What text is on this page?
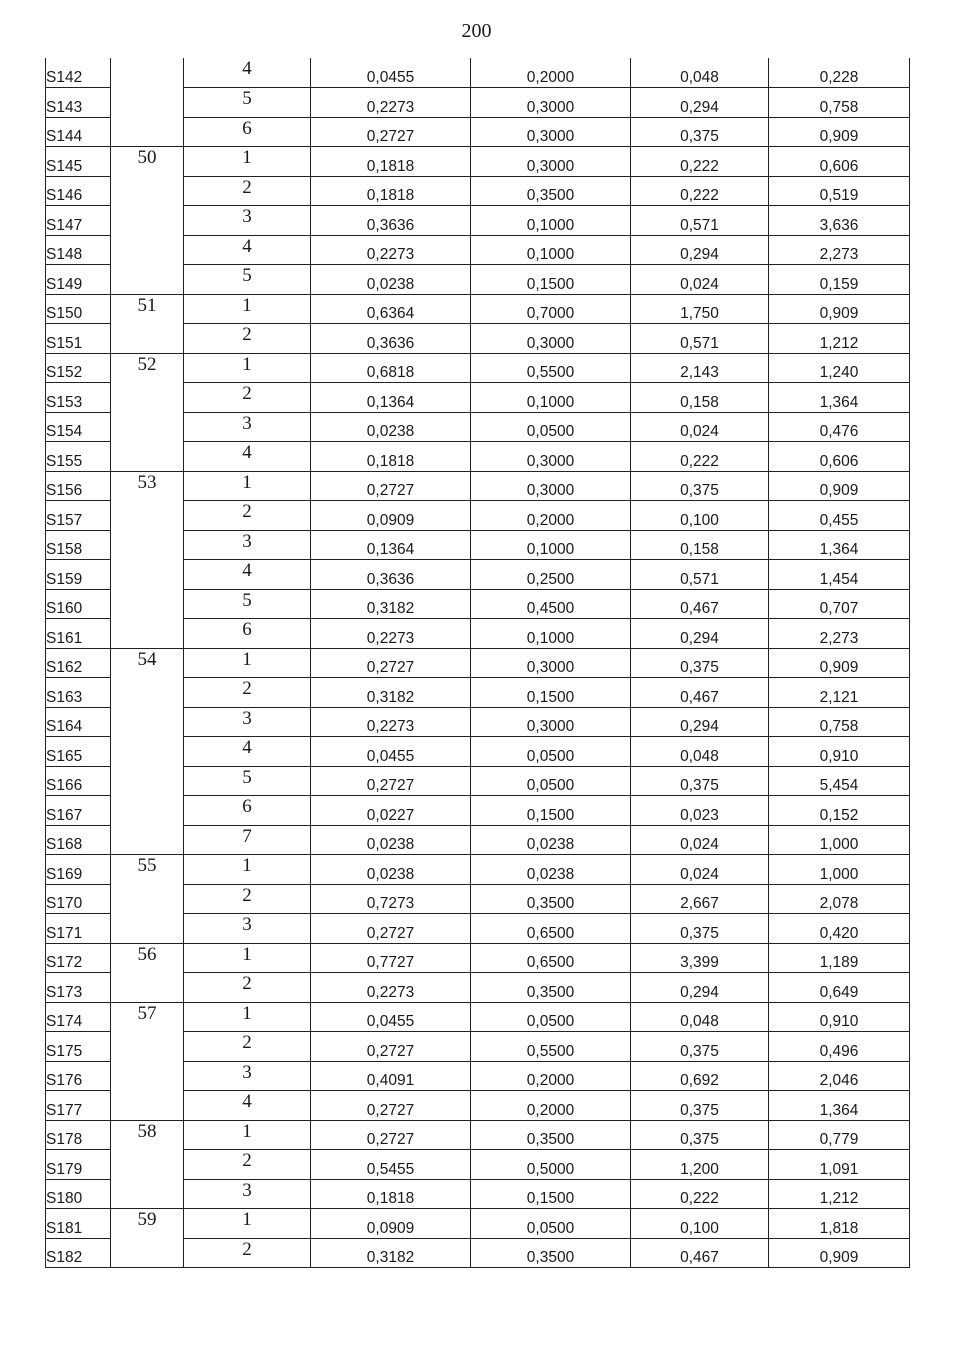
200
S142		4	0,0455	0,2000	0,048	0,228
S143		5	0,2273	0,3000	0,294	0,758
S144		6	0,2727	0,3000	0,375	0,909
S145	50	1	0,1818	0,3000	0,222	0,606
S146		2	0,1818	0,3500	0,222	0,519
S147		3	0,3636	0,1000	0,571	3,636
S148		4	0,2273	0,1000	0,294	2,273
S149		5	0,0238	0,1500	0,024	0,159
S150	51	1	0,6364	0,7000	1,750	0,909
S151		2	0,3636	0,3000	0,571	1,212
S152	52	1	0,6818	0,5500	2,143	1,240
S153		2	0,1364	0,1000	0,158	1,364
S154		3	0,0238	0,0500	0,024	0,476
S155		4	0,1818	0,3000	0,222	0,606
S156	53	1	0,2727	0,3000	0,375	0,909
S157		2	0,0909	0,2000	0,100	0,455
S158		3	0,1364	0,1000	0,158	1,364
S159		4	0,3636	0,2500	0,571	1,454
S160		5	0,3182	0,4500	0,467	0,707
S161		6	0,2273	0,1000	0,294	2,273
S162	54	1	0,2727	0,3000	0,375	0,909
S163		2	0,3182	0,1500	0,467	2,121
S164		3	0,2273	0,3000	0,294	0,758
S165		4	0,0455	0,0500	0,048	0,910
S166		5	0,2727	0,0500	0,375	5,454
S167		6	0,0227	0,1500	0,023	0,152
S168		7	0,0238	0,0238	0,024	1,000
S169	55	1	0,0238	0,0238	0,024	1,000
S170		2	0,7273	0,3500	2,667	2,078
S171		3	0,2727	0,6500	0,375	0,420
S172	56	1	0,7727	0,6500	3,399	1,189
S173		2	0,2273	0,3500	0,294	0,649
S174	57	1	0,0455	0,0500	0,048	0,910
S175		2	0,2727	0,5500	0,375	0,496
S176		3	0,4091	0,2000	0,692	2,046
S177		4	0,2727	0,2000	0,375	1,364
S178	58	1	0,2727	0,3500	0,375	0,779
S179		2	0,5455	0,5000	1,200	1,091
S180		3	0,1818	0,1500	0,222	1,212
S181	59	1	0,0909	0,0500	0,100	1,818
S182		2	0,3182	0,3500	0,467	0,909
